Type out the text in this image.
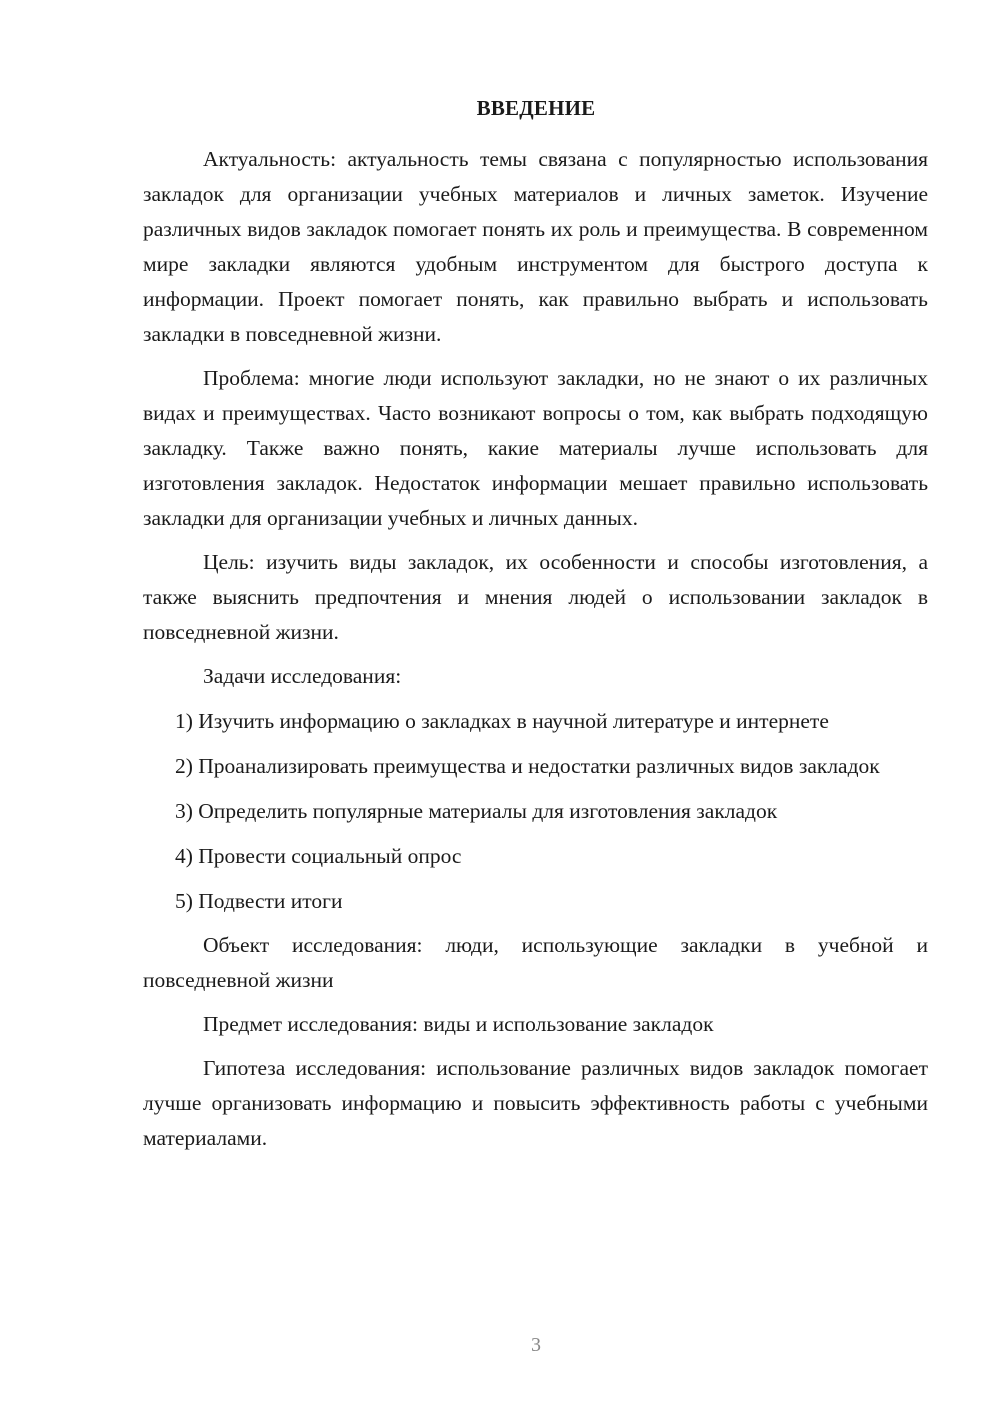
ВВЕДЕНИЕ

Актуальность: актуальность темы связана с популярностью использования закладок для организации учебных материалов и личных заметок. Изучение различных видов закладок помогает понять их роль и преимущества. В современном мире закладки являются удобным инструментом для быстрого доступа к информации. Проект помогает понять, как правильно выбрать и использовать закладки в повседневной жизни.

Проблема: многие люди используют закладки, но не знают о их различных видах и преимуществах. Часто возникают вопросы о том, как выбрать подходящую закладку. Также важно понять, какие материалы лучше использовать для изготовления закладок. Недостаток информации мешает правильно использовать закладки для организации учебных и личных данных.

Цель: изучить виды закладок, их особенности и способы изготовления, а также выяснить предпочтения и мнения людей о использовании закладок в повседневной жизни.

Задачи исследования:

1) Изучить информацию о закладках в научной литературе и интернете

2) Проанализировать преимущества и недостатки различных видов закладок

3) Определить популярные материалы для изготовления закладок

4) Провести социальный опрос

5) Подвести итоги

Объект исследования: люди, использующие закладки в учебной и повседневной жизни

Предмет исследования: виды и использование закладок

Гипотеза исследования: использование различных видов закладок помогает лучше организовать информацию и повысить эффективность работы с учебными материалами.

3
